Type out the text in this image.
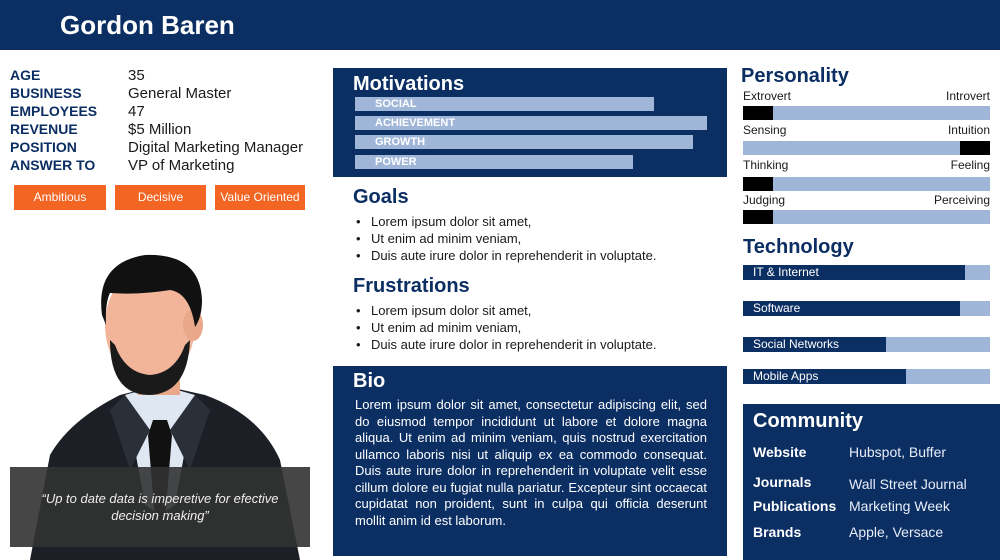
Gordon Baren
AGE	35
BUSINESS	General Master
EMPLOYEES	47
REVENUE	$5 Million
POSITION	Digital Marketing Manager
ANSWER TO	VP of Marketing
Ambitious	Decisive	Value Oriented
“Up to date data is imperetive for efective decision making”
Motivations
SOCIAL
ACHIEVEMENT
GROWTH
POWER
Goals
• Lorem ipsum dolor sit amet,
• Ut enim ad minim veniam,
• Duis aute irure dolor in reprehenderit in voluptate.
Frustrations
• Lorem ipsum dolor sit amet,
• Ut enim ad minim veniam,
• Duis aute irure dolor in reprehenderit in voluptate.
Bio
Lorem ipsum dolor sit amet, consectetur adipiscing elit, sed do eiusmod tempor incididunt ut labore et dolore magna aliqua. Ut enim ad minim veniam, quis nostrud exercitation ullamco laboris nisi ut aliquip ex ea commodo consequat. Duis aute irure dolor in reprehenderit in voluptate velit esse cillum dolore eu fugiat nulla pariatur. Excepteur sint occaecat cupidatat non proident, sunt in culpa qui officia deserunt mollit anim id est laborum.
Personality
Extrovert	Introvert
Sensing	Intuition
Thinking	Feeling
Judging	Perceiving
Technology
IT & Internet
Software
Social Networks
Mobile Apps
Community
Website	Hubspot, Buffer
Journals	Wall Street Journal
Publications Marketing Week
Brands	Apple, Versace
